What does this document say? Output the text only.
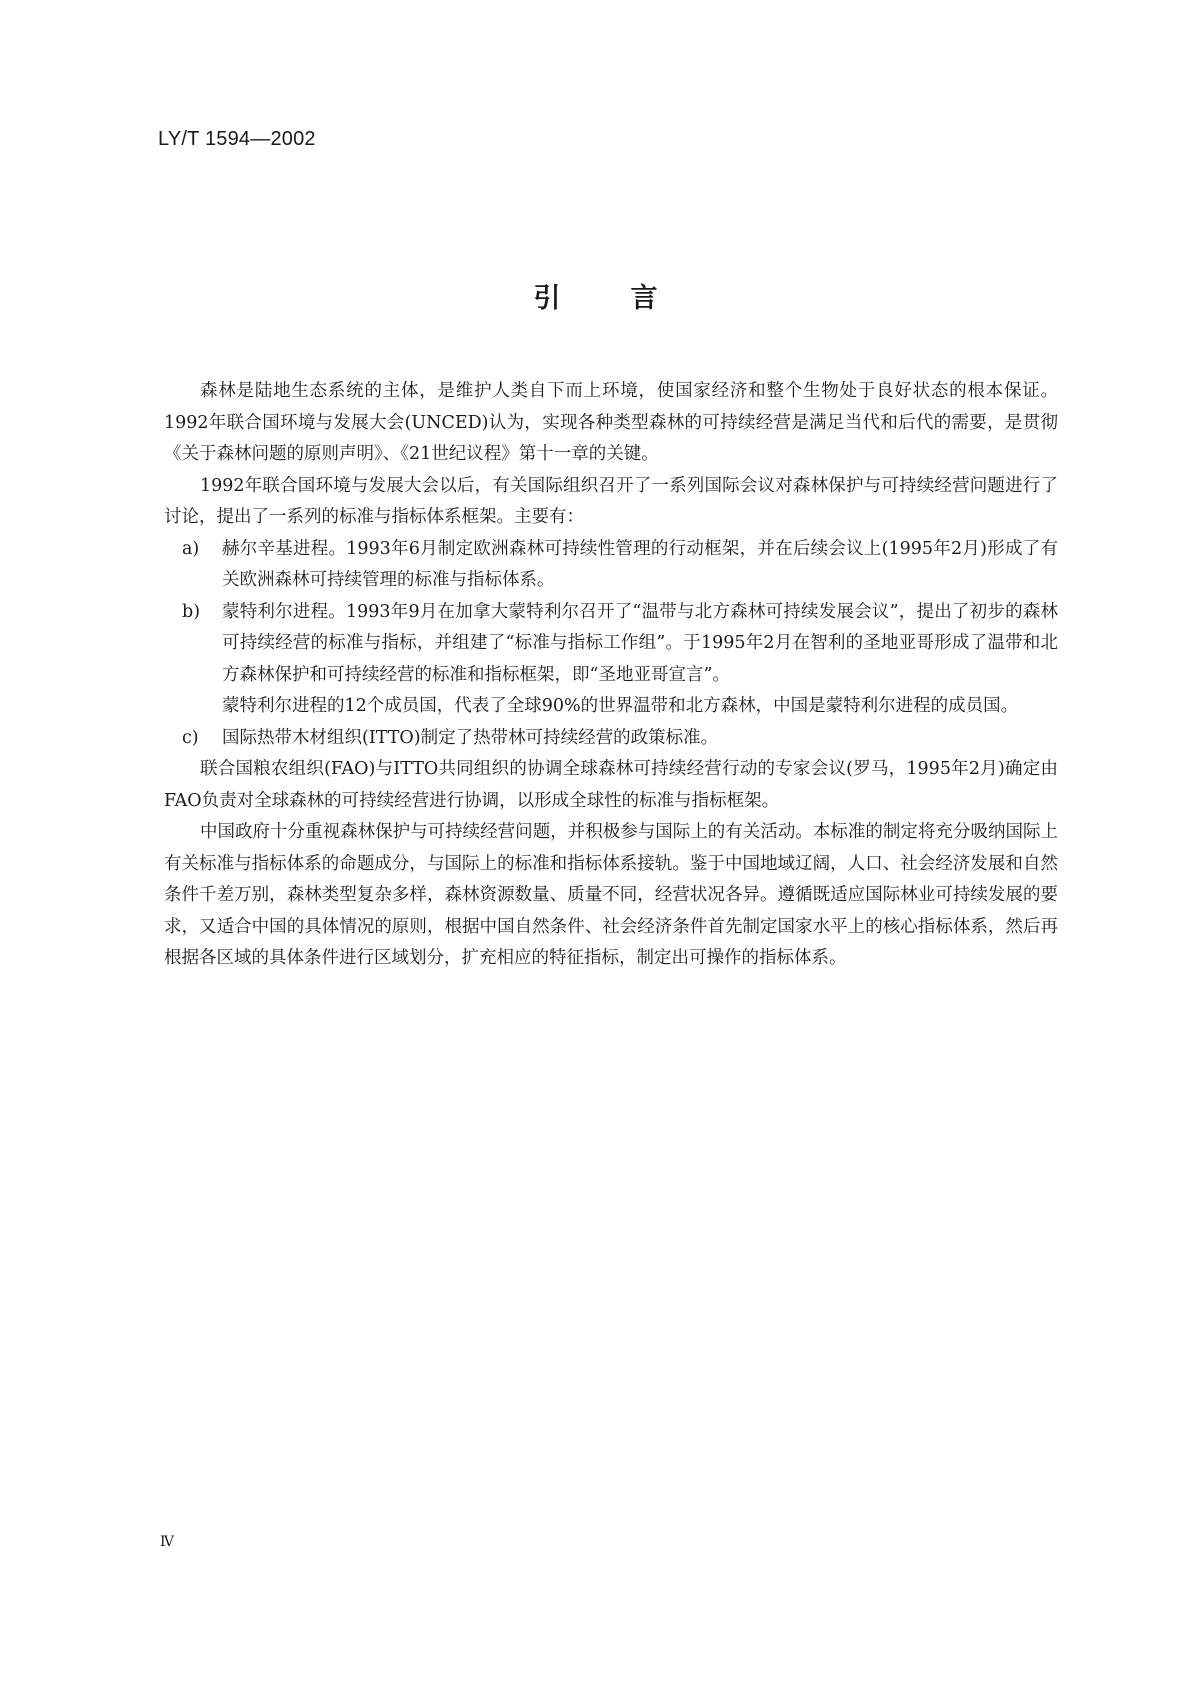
LY/T 1594—2002
引言

森林是陆地生态系统的主体，是维护人类自下而上环境，使国家经济和整个生物处于良好状态的根本保证。1992年联合国环境与发展大会(UNCED)认为，实现各种类型森林的可持续经营是满足当代和后代的需要，是贯彻《关于森林问题的原则声明》、《21世纪议程》第十一章的关键。

1992年联合国环境与发展大会以后，有关国际组织召开了一系列国际会议对森林保护与可持续经营问题进行了讨论，提出了一系列的标准与指标体系框架。主要有：

a) 赫尔辛基进程。1993年6月制定欧洲森林可持续性管理的行动框架，并在后续会议上(1995年2月)形成了有关欧洲森林可持续管理的标准与指标体系。
b) 蒙特利尔进程。1993年9月在加拿大蒙特利尔召开了“温带与北方森林可持续发展会议”，提出了初步的森林可持续经营的标准与指标，并组建了“标准与指标工作组”。于1995年2月在智利的圣地亚哥形成了温带和北方森林保护和可持续经营的标准和指标框架，即“圣地亚哥宣言”。

蒙特利尔进程的12个成员国，代表了全球90%的世界温带和北方森林，中国是蒙特利尔进程的成员国。

c) 国际热带木材组织(ITTO)制定了热带林可持续经营的政策标准。

联合国粮农组织(FAO)与ITTO共同组织的协调全球森林可持续经营行动的专家会议(罗马，1995年2月)确定由FAO负责对全球森林的可持续经营进行协调，以形成全球性的标准与指标框架。

中国政府十分重视森林保护与可持续经营问题，并积极参与国际上的有关活动。本标准的制定将充分吸纳国际上有关标准与指标体系的命题成分，与国际上的标准和指标体系接轨。鉴于中国地域辽阔，人口、社会经济发展和自然条件千差万别，森林类型复杂多样，森林资源数量、质量不同，经营状况各异。遵循既适应国际林业可持续发展的要求，又适合中国的具体情况的原则，根据中国自然条件、社会经济条件首先制定国家水平上的核心指标体系，然后再根据各区域的具体条件进行区域划分，扩充相应的特征指标，制定出可操作的指标体系。

Ⅳ
